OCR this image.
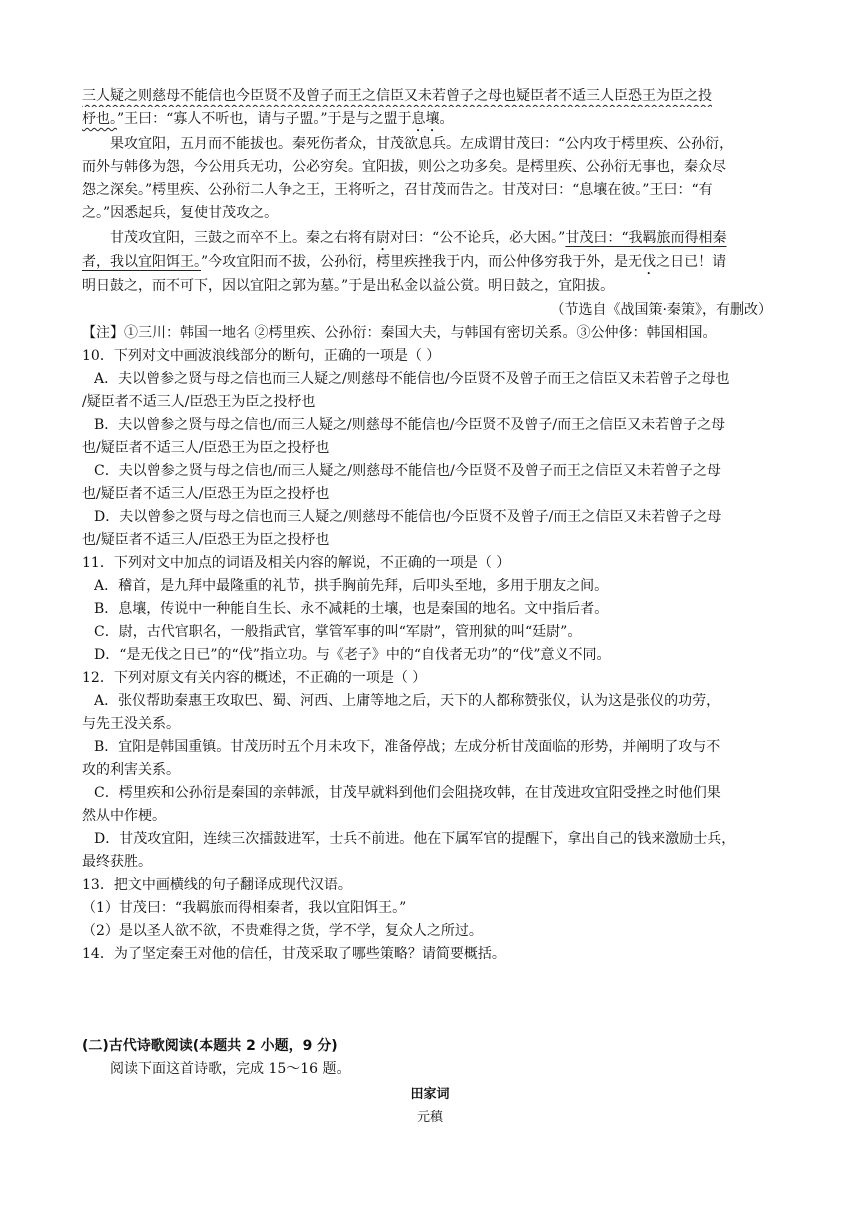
三人疑之则慈母不能信也今臣贤不及曾子而王之信臣又未若曾子之母也疑臣者不适三人臣恐王为臣之投
杼也。”王曰：“寡人不听也，请与子盟。”于是与之盟于息壤。
果攻宜阳，五月而不能拔也。秦死伤者众，甘茂欲息兵。左成谓甘茂曰：“公内攻于樗里疾、公孙衍，
而外与韩侈为怨，今公用兵无功，公必穷矣。宜阳拔，则公之功多矣。是樗里疾、公孙衍无事也，秦众尽
怨之深矣。”樗里疾、公孙衍二人争之王，王将听之，召甘茂而告之。甘茂对曰：“息壤在彼。”王曰：“有
之。”因悉起兵，复使甘茂攻之。
甘茂攻宜阳，三鼓之而卒不上。秦之右将有尉对曰：“公不论兵，必大困。”甘茂曰：“我羁旅而得相秦
者，我以宜阳饵王。”今攻宜阳而不拔，公孙衍，樗里疾挫我于内，而公仲侈穷我于外，是无伐之日已！请
明日鼓之，而不可下，因以宜阳之郭为墓。”于是出私金以益公赏。明日鼓之，宜阳拔。
（节选自《战国策·秦策》，有删改）
【注】①三川：韩国一地名 ②樗里疾、公孙衍：秦国大夫，与韩国有密切关系。③公仲侈：韩国相国。
10．下列对文中画波浪线部分的断句，正确的一项是（ ）
A．夫以曾参之贤与母之信也而三人疑之/则慈母不能信也/今臣贤不及曾子而王之信臣又未若曾子之母也
/疑臣者不适三人/臣恐王为臣之投杼也
B．夫以曾参之贤与母之信也/而三人疑之/则慈母不能信也/今臣贤不及曾子/而王之信臣又未若曾子之母
也/疑臣者不适三人/臣恐王为臣之投杼也
C．夫以曾参之贤与母之信也/而三人疑之/则慈母不能信也/今臣贤不及曾子而王之信臣又未若曾子之母
也/疑臣者不适三人/臣恐王为臣之投杼也
D．夫以曾参之贤与母之信也而三人疑之/则慈母不能信也/今臣贤不及曾子/而王之信臣又未若曾子之母
也/疑臣者不适三人/臣恐王为臣之投杼也
11．下列对文中加点的词语及相关内容的解说，不正确的一项是（ ）
A．稽首，是九拜中最隆重的礼节，拱手胸前先拜，后叩头至地，多用于朋友之间。
B．息壤，传说中一种能自生长、永不减耗的土壤，也是秦国的地名。文中指后者。
C．尉，古代官职名，一般指武官，掌管军事的叫“军尉”，管刑狱的叫“廷尉”。
D．“是无伐之日已”的“伐”指立功。与《老子》中的“自伐者无功”的“伐”意义不同。
12．下列对原文有关内容的概述，不正确的一项是（ ）
A．张仪帮助秦惠王攻取巴、蜀、河西、上庸等地之后，天下的人都称赞张仪，认为这是张仪的功劳，
与先王没关系。
B．宜阳是韩国重镇。甘茂历时五个月未攻下，准备停战；左成分析甘茂面临的形势，并阐明了攻与不
攻的利害关系。
C．樗里疾和公孙衍是秦国的亲韩派，甘茂早就料到他们会阻挠攻韩，在甘茂进攻宜阳受挫之时他们果
然从中作梗。
D．甘茂攻宜阳，连续三次擂鼓进军，士兵不前进。他在下属军官的提醒下，拿出自己的钱来激励士兵，
最终获胜。
13．把文中画横线的句子翻译成现代汉语。
（1）甘茂曰：“我羁旅而得相秦者，我以宜阳饵王。”
（2）是以圣人欲不欲，不贵难得之货，学不学，复众人之所过。
14．为了坚定秦王对他的信任，甘茂采取了哪些策略？请简要概括。
(二)古代诗歌阅读(本题共 2 小题，9 分)
阅读下面这首诗歌，完成 15～16 题。
田家词
元稹
